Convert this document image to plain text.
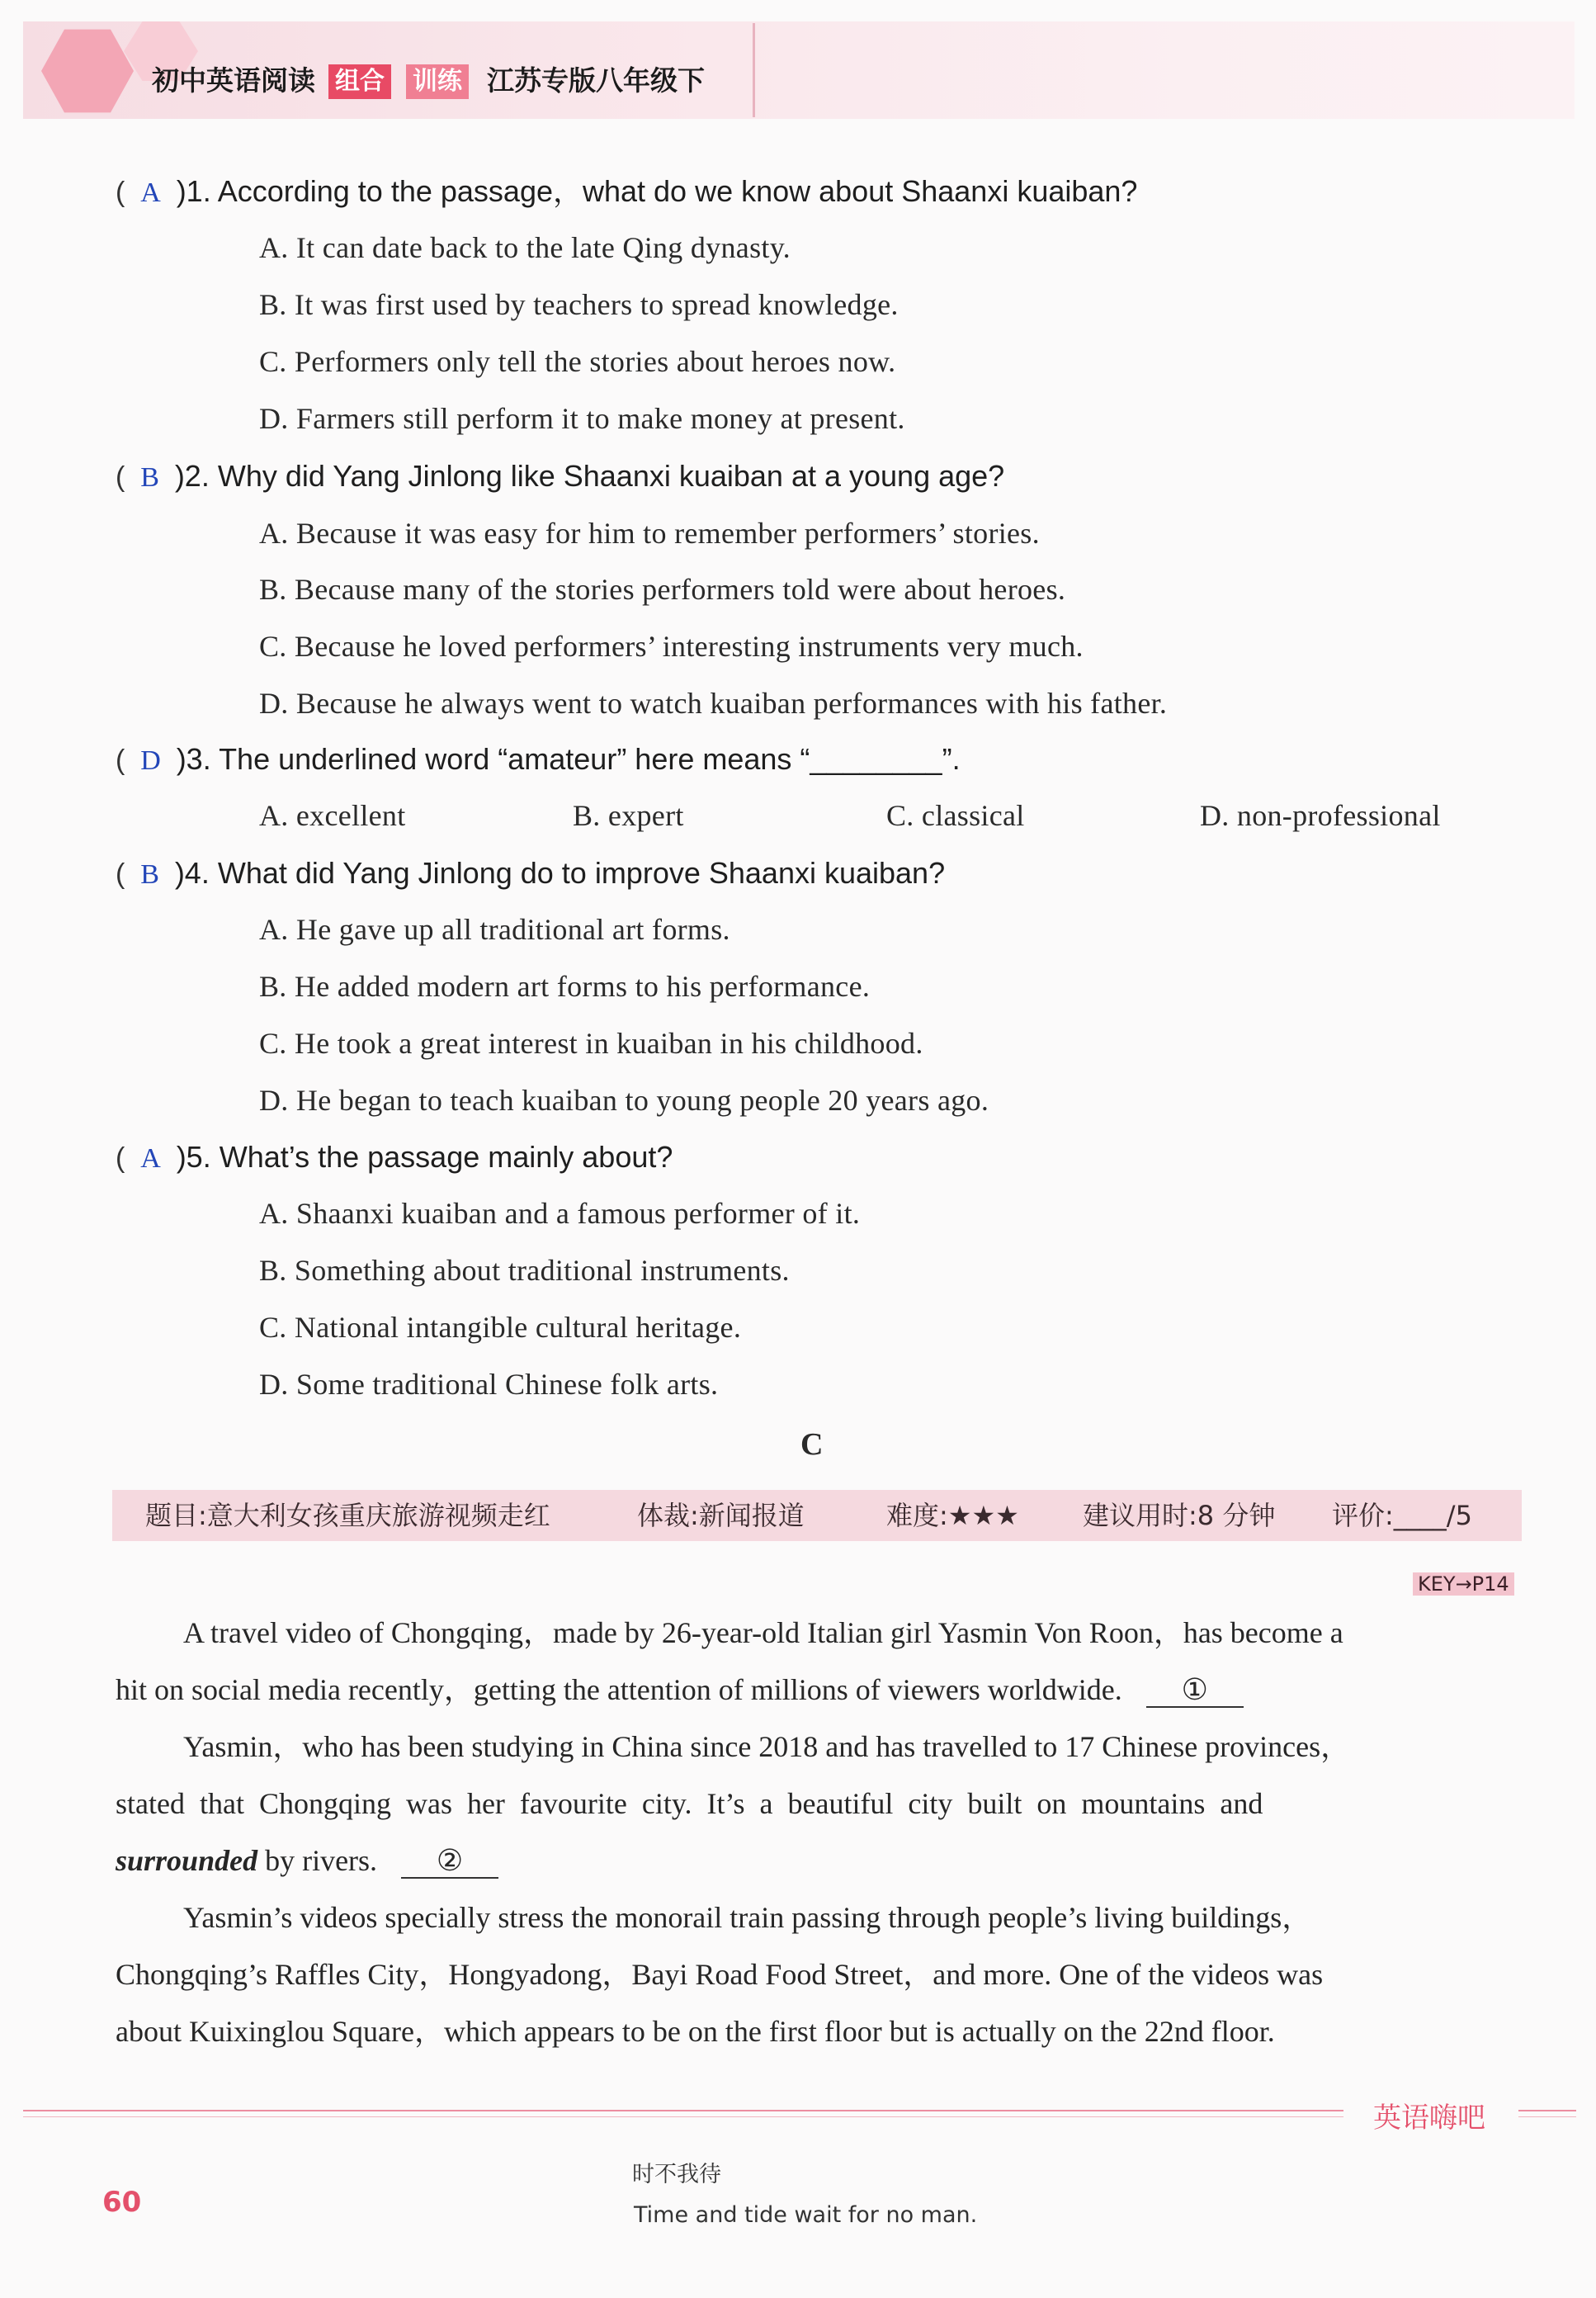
初中英语阅读 组合 训练 江苏专版八年级下
(  A )1. According to the passage，what do we know about Shaanxi kuaiban?
A. It can date back to the late Qing dynasty.
B. It was first used by teachers to spread knowledge.
C. Performers only tell the stories about heroes now.
D. Farmers still perform it to make money at present.
(  B )2. Why did Yang Jinlong like Shaanxi kuaiban at a young age?
A. Because it was easy for him to remember performers’ stories.
B. Because many of the stories performers told were about heroes.
C. Because he loved performers’ interesting instruments very much.
D. Because he always went to watch kuaiban performances with his father.
(  D )3. The underlined word “amateur” here means “________”.
A. excellent	B. expert	C. classical	D. non-professional
(  B )4. What did Yang Jinlong do to improve Shaanxi kuaiban?
A. He gave up all traditional art forms.
B. He added modern art forms to his performance.
C. He took a great interest in kuaiban in his childhood.
D. He began to teach kuaiban to young people 20 years ago.
(  A )5. What’s the passage mainly about?
A. Shaanxi kuaiban and a famous performer of it.
B. Something about traditional instruments.
C. National intangible cultural heritage.
D. Some traditional Chinese folk arts.
C
题目:意大利女孩重庆旅游视频走红	体裁:新闻报道	难度:★★★ 建议用时:8 分钟 评价:____/5
KEY→P14
A travel video of Chongqing，made by 26-year-old Italian girl Yasmin Von Roon，has become a
hit on social media recently，getting the attention of millions of viewers worldwide. ①
Yasmin，who has been studying in China since 2018 and has travelled to 17 Chinese provinces，
stated  that  Chongqing  was  her  favourite  city.  It’s  a  beautiful  city  built  on  mountains  and
surrounded by rivers. ②
Yasmin’s videos specially stress the monorail train passing through people’s living buildings，
Chongqing’s Raffles City，Hongyadong，Bayi Road Food Street，and more. One of the videos was
about Kuixinglou Square，which appears to be on the first floor but is actually on the 22nd floor.
英语嗨吧
60
时不我待
Time and tide wait for no man.
